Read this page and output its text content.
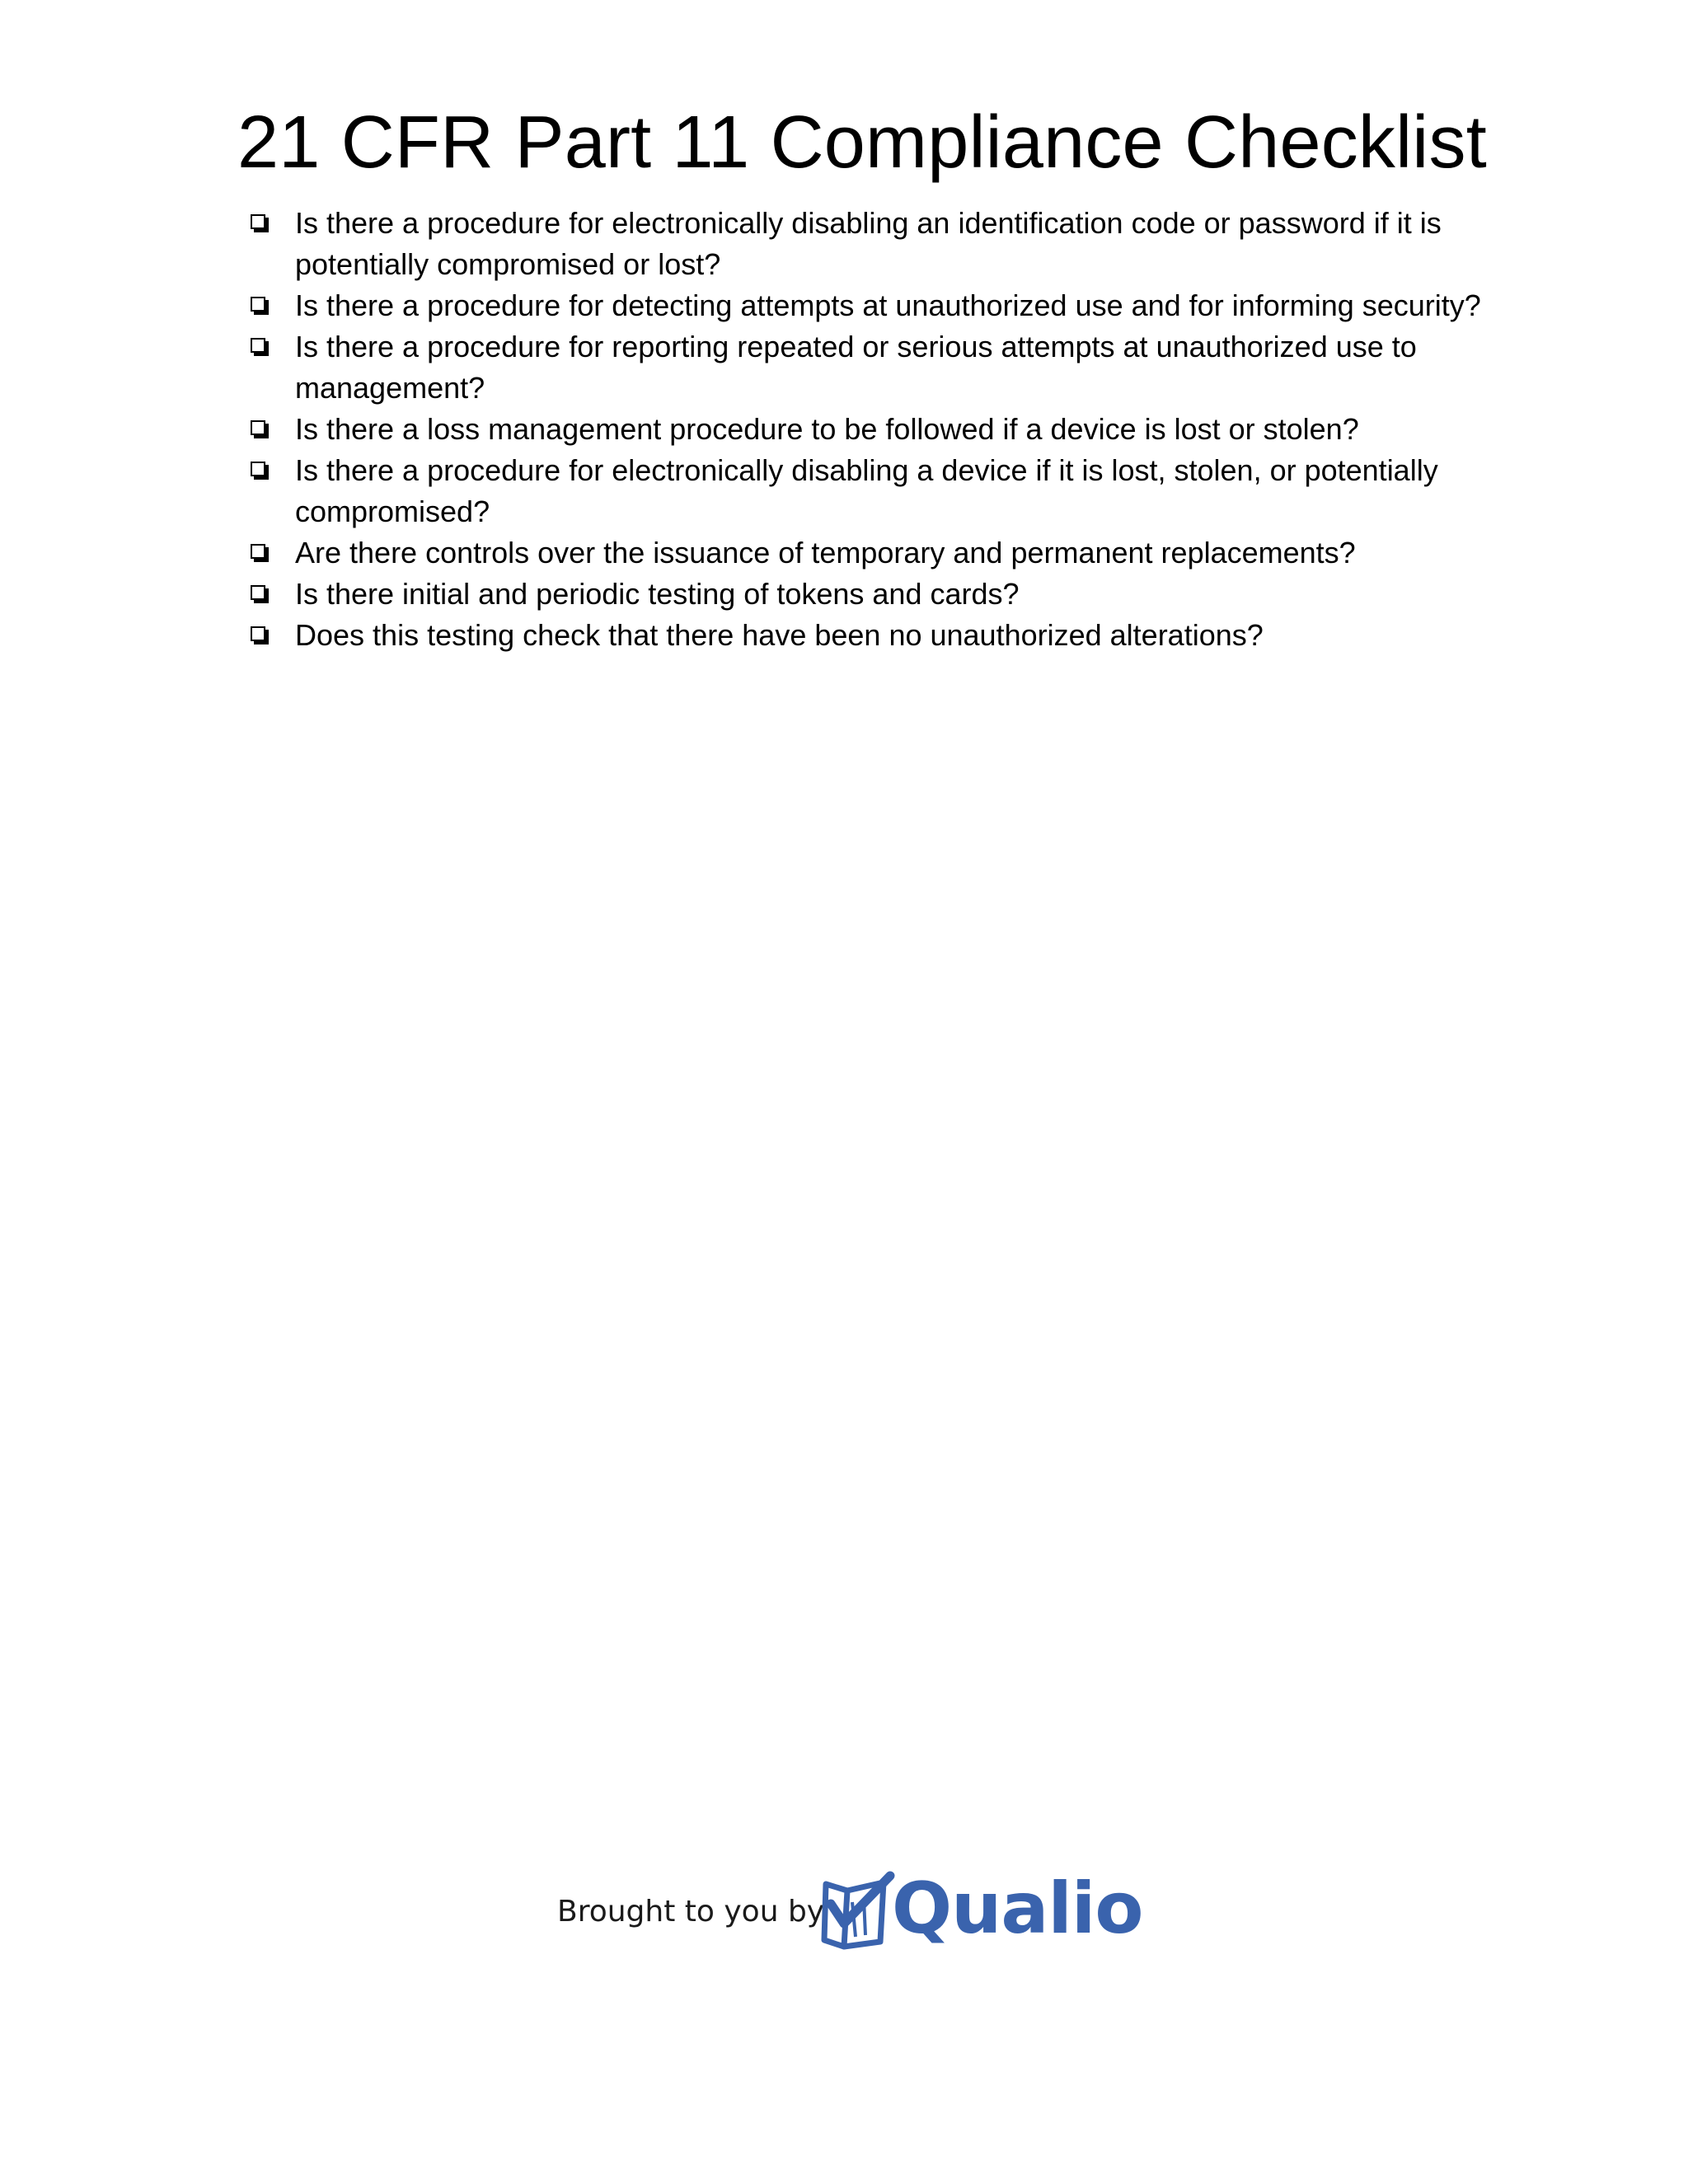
21 CFR Part 11 Compliance Checklist
Is there a procedure for electronically disabling an identification code or password if it is potentially compromised or lost?
Is there a procedure for detecting attempts at unauthorized use and for informing security?
Is there a procedure for reporting repeated or serious attempts at unauthorized use to management?
Is there a loss management procedure to be followed if a device is lost or stolen?
Is there a procedure for electronically disabling a device if it is lost, stolen, or potentially compromised?
Are there controls over the issuance of temporary and permanent replacements?
Is there initial and periodic testing of tokens and cards?
Does this testing check that there have been no unauthorized alterations?
Brought to you by Qualio
